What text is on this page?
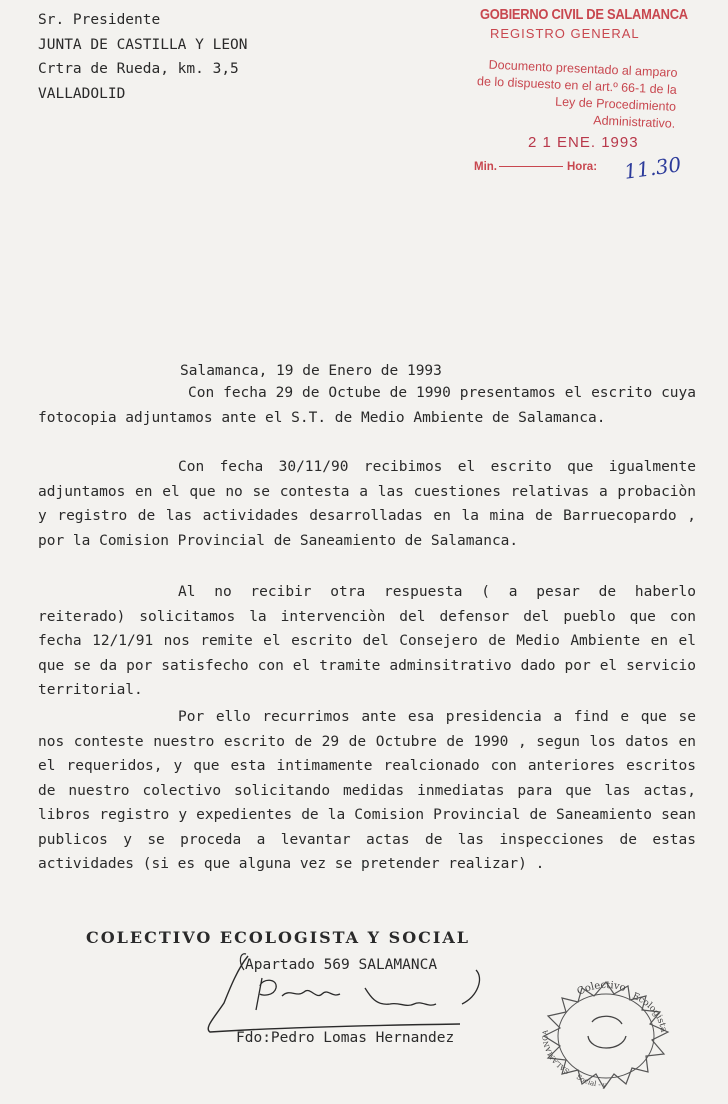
Sr. Presidente
JUNTA DE CASTILLA Y LEON
Crtra de Rueda, km. 3,5
VALLADOLID
GOBIERNO CIVIL DE SALAMANCA
REGISTRO GENERAL
Documento presentado al amparo de lo dispuesto en el art.º 66-1 de la Ley de Procedimiento Administrativo.
2 1 ENE. 1993
Min.	Hora: 11.30
Salamanca, 19 de Enero de 1993
Con fecha 29 de Octube de 1990 presentamos el escrito cuya fotocopia adjuntamos ante el S.T. de Medio Ambiente de Salamanca.
Con fecha 30/11/90 recibimos el escrito que igualmente adjuntamos en el que no se contesta a las cuestiones relativas a probaciòn y registro de las actividades desarrolladas en la mina de Barruecopardo , por la Comision Provincial de Saneamiento de Salamanca.
Al no recibir otra respuesta ( a pesar de haberlo reiterado) solicitamos la intervenciòn del defensor del pueblo que con fecha 12/1/91 nos remite el escrito del Consejero de Medio Ambiente en el que se da por satisfecho con el tramite adminsitrativo dado por el servicio territorial.
Por ello recurrimos ante esa presidencia a find e que se nos conteste nuestro escrito de 29 de Octubre de 1990 , segun los datos en el requeridos, y que esta intimamente realcionado con anteriores escritos de nuestro colectivo solicitando medidas inmediatas para que las actas, libros registro y expedientes de la Comision Provincial de Saneamiento sean publicos y se proceda a levantar actas de las inspecciones de estas actividades (si es que alguna vez se pretender realizar) .
COLECTIVO ECOLOGISTA Y SOCIAL
Apartado 569 SALAMANCA
Fdo:Pedro Lomas Hernandez
Colectivo
Ecologista
SALAMANCA
Social - y
